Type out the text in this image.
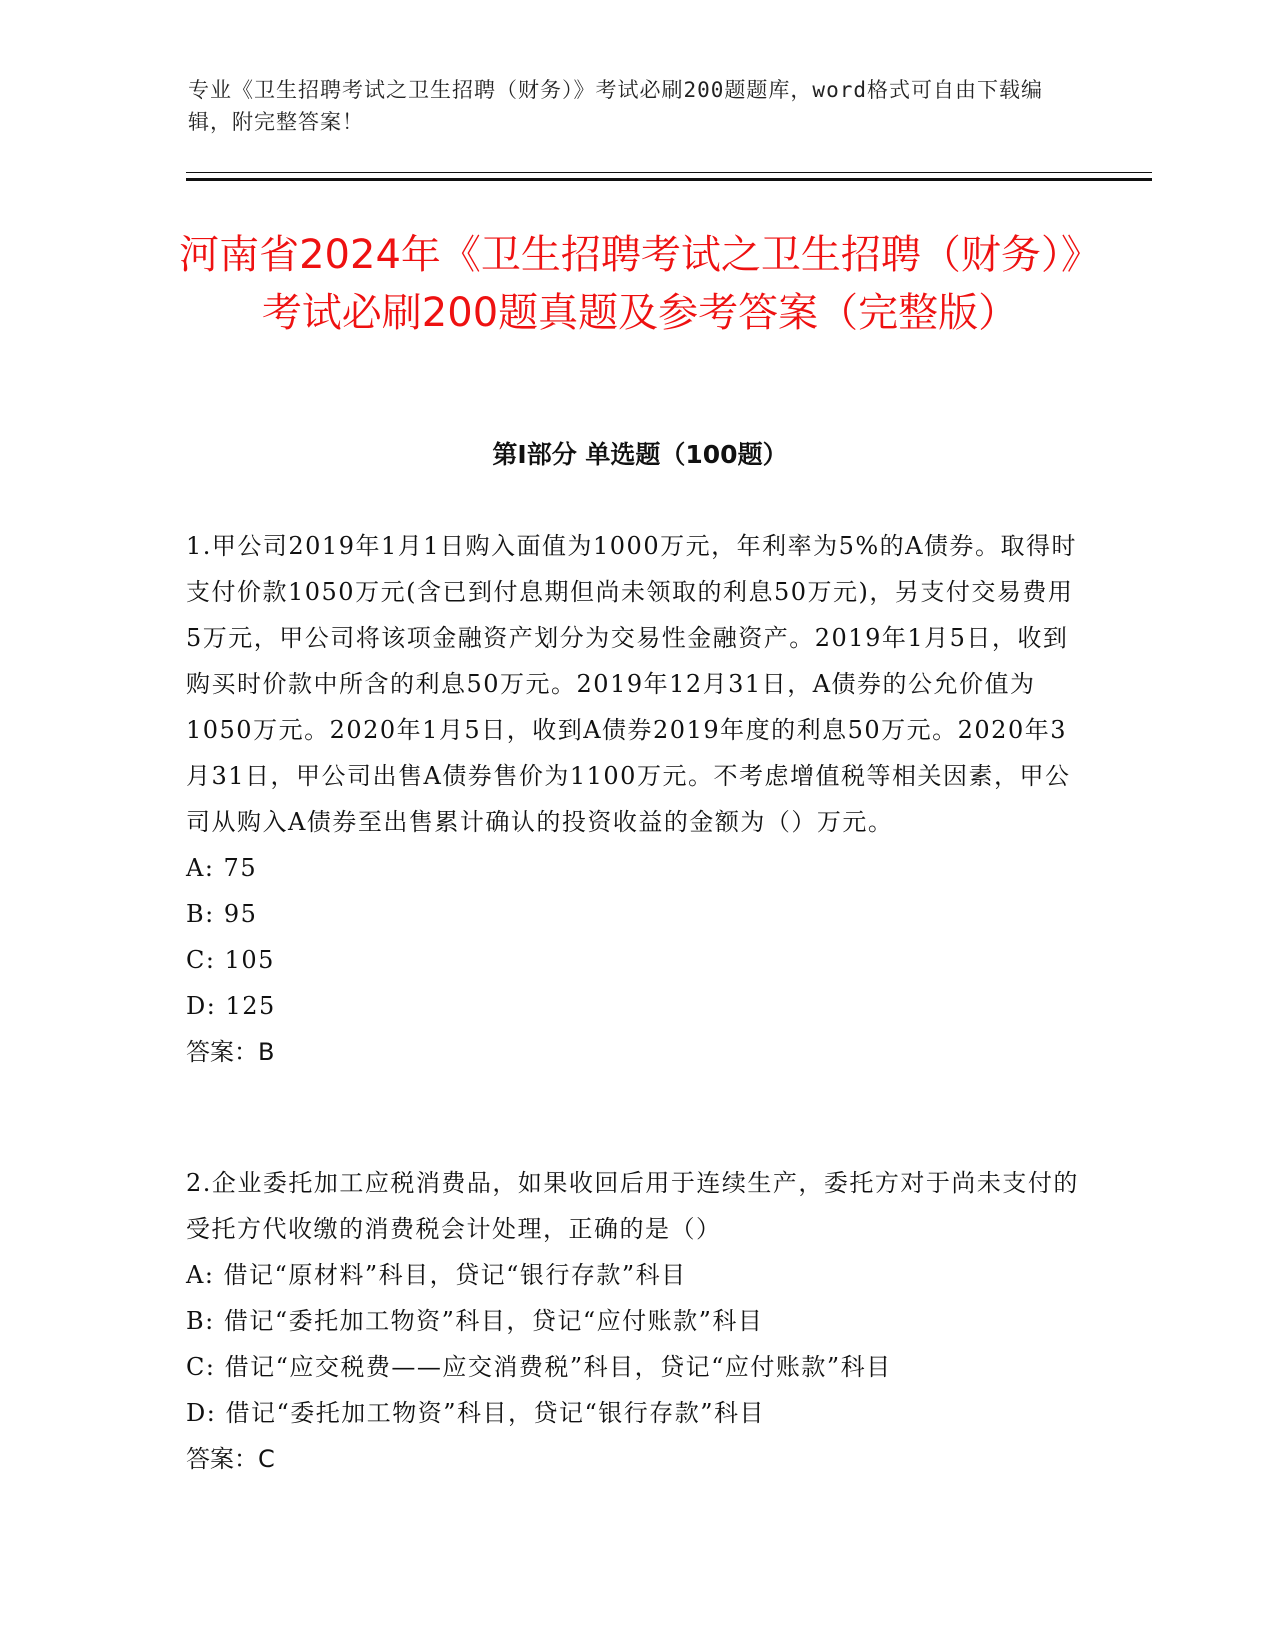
专业《卫生招聘考试之卫生招聘（财务）》考试必刷200题题库，word格式可自由下载编辑，附完整答案！
河南省2024年《卫生招聘考试之卫生招聘（财务）》考试必刷200题真题及参考答案（完整版）
第Ⅰ部分 单选题（100题）

1.甲公司2019年1月1日购入面值为1000万元，年利率为5%的A债券。取得时支付价款1050万元(含已到付息期但尚未领取的利息50万元)，另支付交易费用5万元，甲公司将该项金融资产划分为交易性金融资产。2019年1月5日，收到购买时价款中所含的利息50万元。2019年12月31日，A债券的公允价值为1050万元。2020年1月5日，收到A债券2019年度的利息50万元。2020年3月31日，甲公司出售A债券售价为1100万元。不考虑增值税等相关因素，甲公司从购入A债券至出售累计确认的投资收益的金额为（）万元。

A: 75

B: 95

C: 105

D: 125

答案：B

2.企业委托加工应税消费品，如果收回后用于连续生产，委托方对于尚未支付的受托方代收缴的消费税会计处理，正确的是（）

A: 借记“原材料”科目，贷记“银行存款”科目

B: 借记“委托加工物资”科目，贷记“应付账款”科目

C: 借记“应交税费——应交消费税”科目，贷记“应付账款”科目

D: 借记“委托加工物资”科目，贷记“银行存款”科目

答案：C
